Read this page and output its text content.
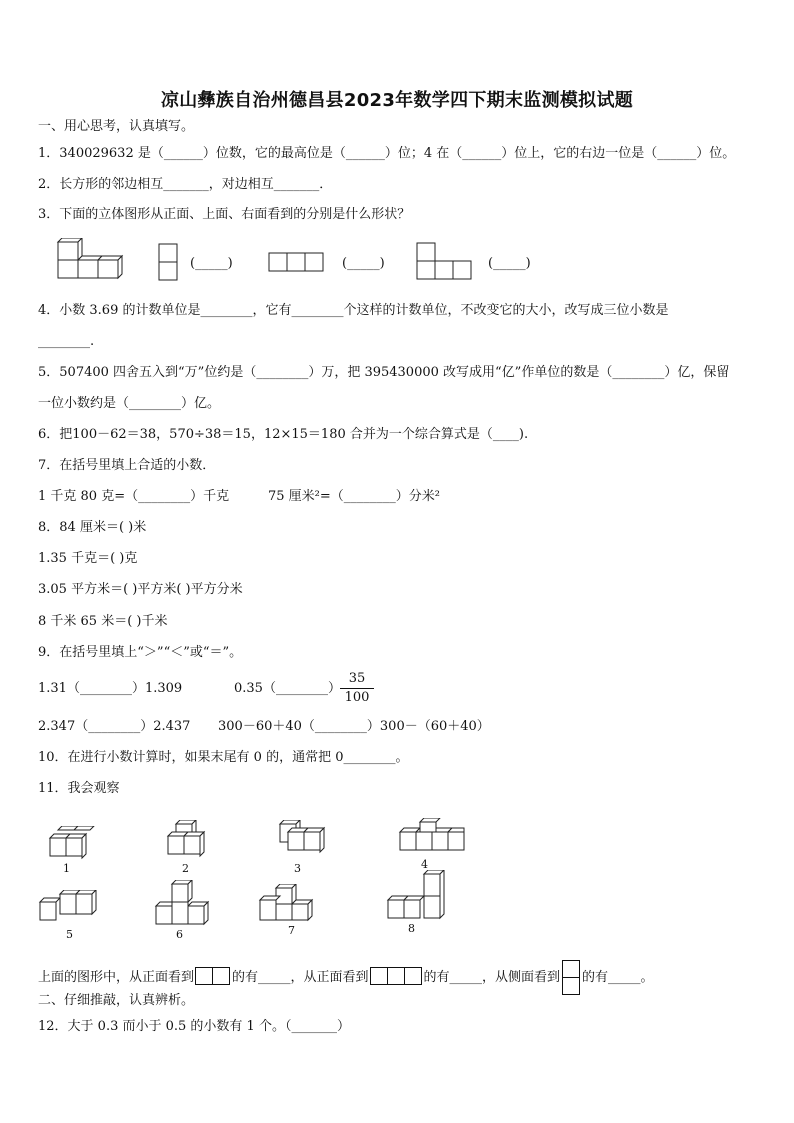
凉山彝族自治州德昌县2023年数学四下期末监测模拟试题
一、用心思考，认真填写。
1．340029632 是（______）位数，它的最高位是（______）位；4 在（______）位上，它的右边一位是（______）位。
2．长方形的邻边相互_______，对边相互_______．
3．下面的立体图形从正面、上面、右面看到的分别是什么形状？
(_____)	(_____)	(_____)
4．小数 3.69 的计数单位是________，它有________个这样的计数单位，不改变它的大小，改写成三位小数是
________.
5．507400 四舍五入到“万”位约是（________）万，把 395430000 改写成用“亿”作单位的数是（________）亿，保留
一位小数约是（________）亿。
6．把100－62＝38，570÷38＝15，12×15＝180 合并为一个综合算式是（____).
7．在括号里填上合适的小数．
1 千克 80 克=（________）千克	75 厘米²=（________）分米²
8．84 厘米＝( )米
1.35 千克＝( )克
3.05 平方米＝( )平方米( )平方分米
8 千米 65 米＝( )千米
9．在括号里填上“＞”“＜”或“＝”。
1.31（________）1.309	0.35（________）
35
100
2.347（________）2.437 300－60＋40（________）300－（60＋40）
10．在进行小数计算时，如果末尾有 0 的，通常把 0________。
11．我会观察
1	2	3	4
5	6	7	8
上面的图形中，从正面看到	的有_____，从正面看到	的有_____，从侧面看到 的有_____。
二、仔细推敲，认真辨析。
12．大于 0.3 而小于 0.5 的小数有 1 个。（_______）
